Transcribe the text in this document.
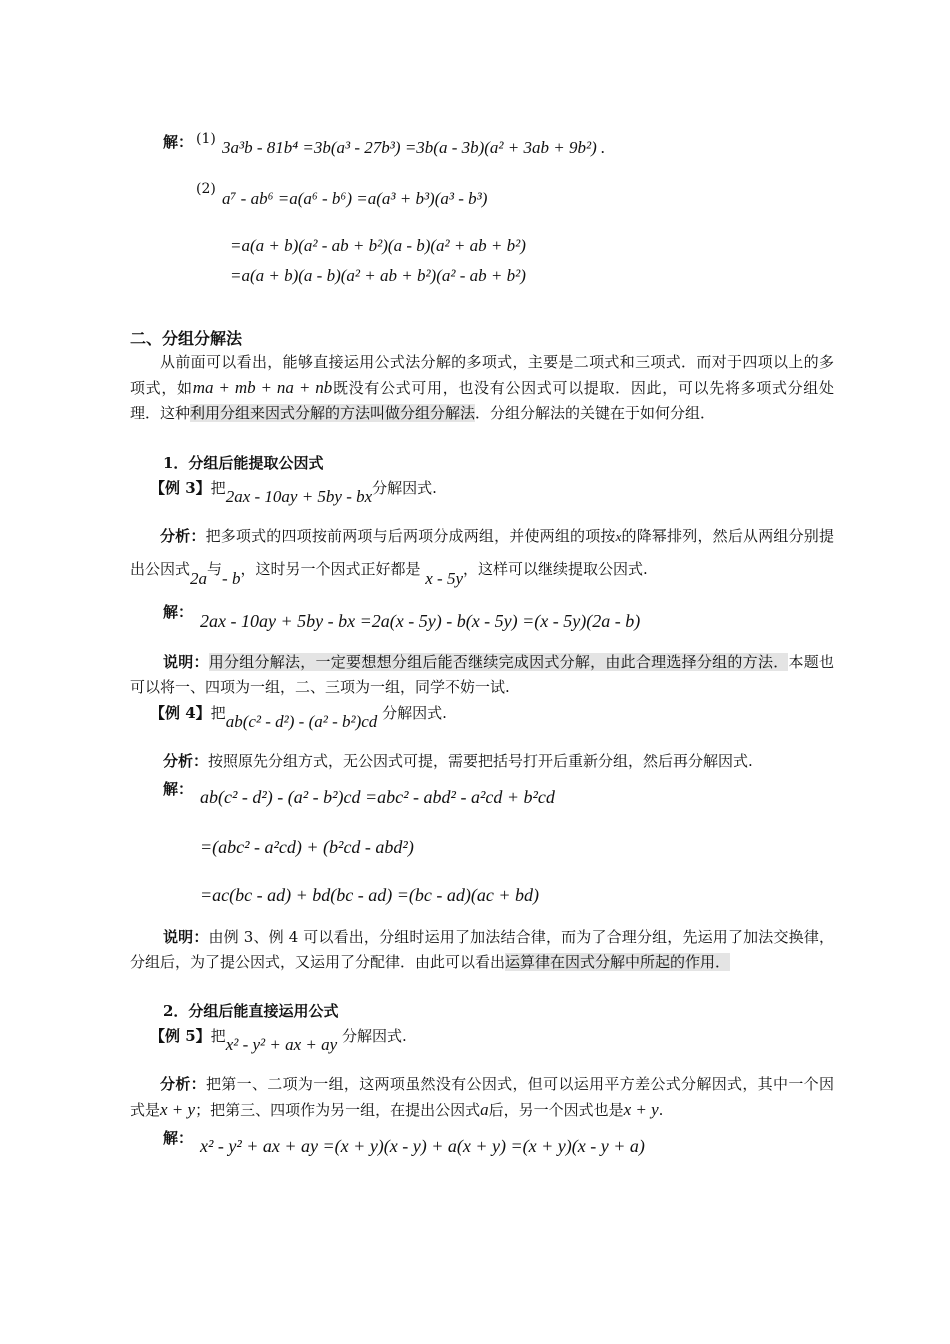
解： (1) 3a³b - 81b⁴ =3b(a³ - 27b³) =3b(a - 3b)(a² + 3ab + 9b²) .
(2) a⁷ - ab⁶ =a(a⁶ - b⁶) =a(a³ + b³)(a³ - b³)
=a(a + b)(a² - ab + b²)(a - b)(a² + ab + b²)
=a(a + b)(a - b)(a² + ab + b²)(a² - ab + b²)
二、分组分解法
从前面可以看出，能够直接运用公式法分解的多项式，主要是二项式和三项式．而对于四项以上的多项式，如ma + mb + na + nb既没有公式可用，也没有公因式可以提取．因此，可以先将多项式分组处理．这种利用分组来因式分解的方法叫做分组分解法．分组分解法的关键在于如何分组．
1．分组后能提取公因式
【例 3】把2ax - 10ay + 5by - bx分解因式.
分析：把多项式的四项按前两项与后两项分成两组，并使两组的项按x的降幂排列，然后从两组分别提出公因式2a与- b，这时另一个因式正好都是 x - 5y，这样可以继续提取公因式.
解： 2ax - 10ay + 5by - bx =2a(x - 5y) - b(x - 5y) =(x - 5y)(2a - b)
说明：用分组分解法，一定要想想分组后能否继续完成因式分解，由此合理选择分组的方法．本题也可以将一、四项为一组，二、三项为一组，同学不妨一试.
【例 4】把ab(c² - d²) - (a² - b²)cd 分解因式.
分析：按照原先分组方式，无公因式可提，需要把括号打开后重新分组，然后再分解因式.
解： ab(c² - d²) - (a² - b²)cd =abc² - abd² - a²cd + b²cd
=(abc² - a²cd) + (b²cd - abd²)
=ac(bc - ad) + bd(bc - ad) =(bc - ad)(ac + bd)
说明：由例 3、例 4 可以看出，分组时运用了加法结合律，而为了合理分组，先运用了加法交换律，分组后，为了提公因式，又运用了分配律．由此可以看出运算律在因式分解中所起的作用．
2．分组后能直接运用公式
【例 5】把x² - y² + ax + ay 分解因式.
分析：把第一、二项为一组，这两项虽然没有公因式，但可以运用平方差公式分解因式，其中一个因式是x + y；把第三、四项作为另一组，在提出公因式a后，另一个因式也是x + y.
解： x² - y² + ax + ay =(x + y)(x - y) + a(x + y) =(x + y)(x - y + a)
